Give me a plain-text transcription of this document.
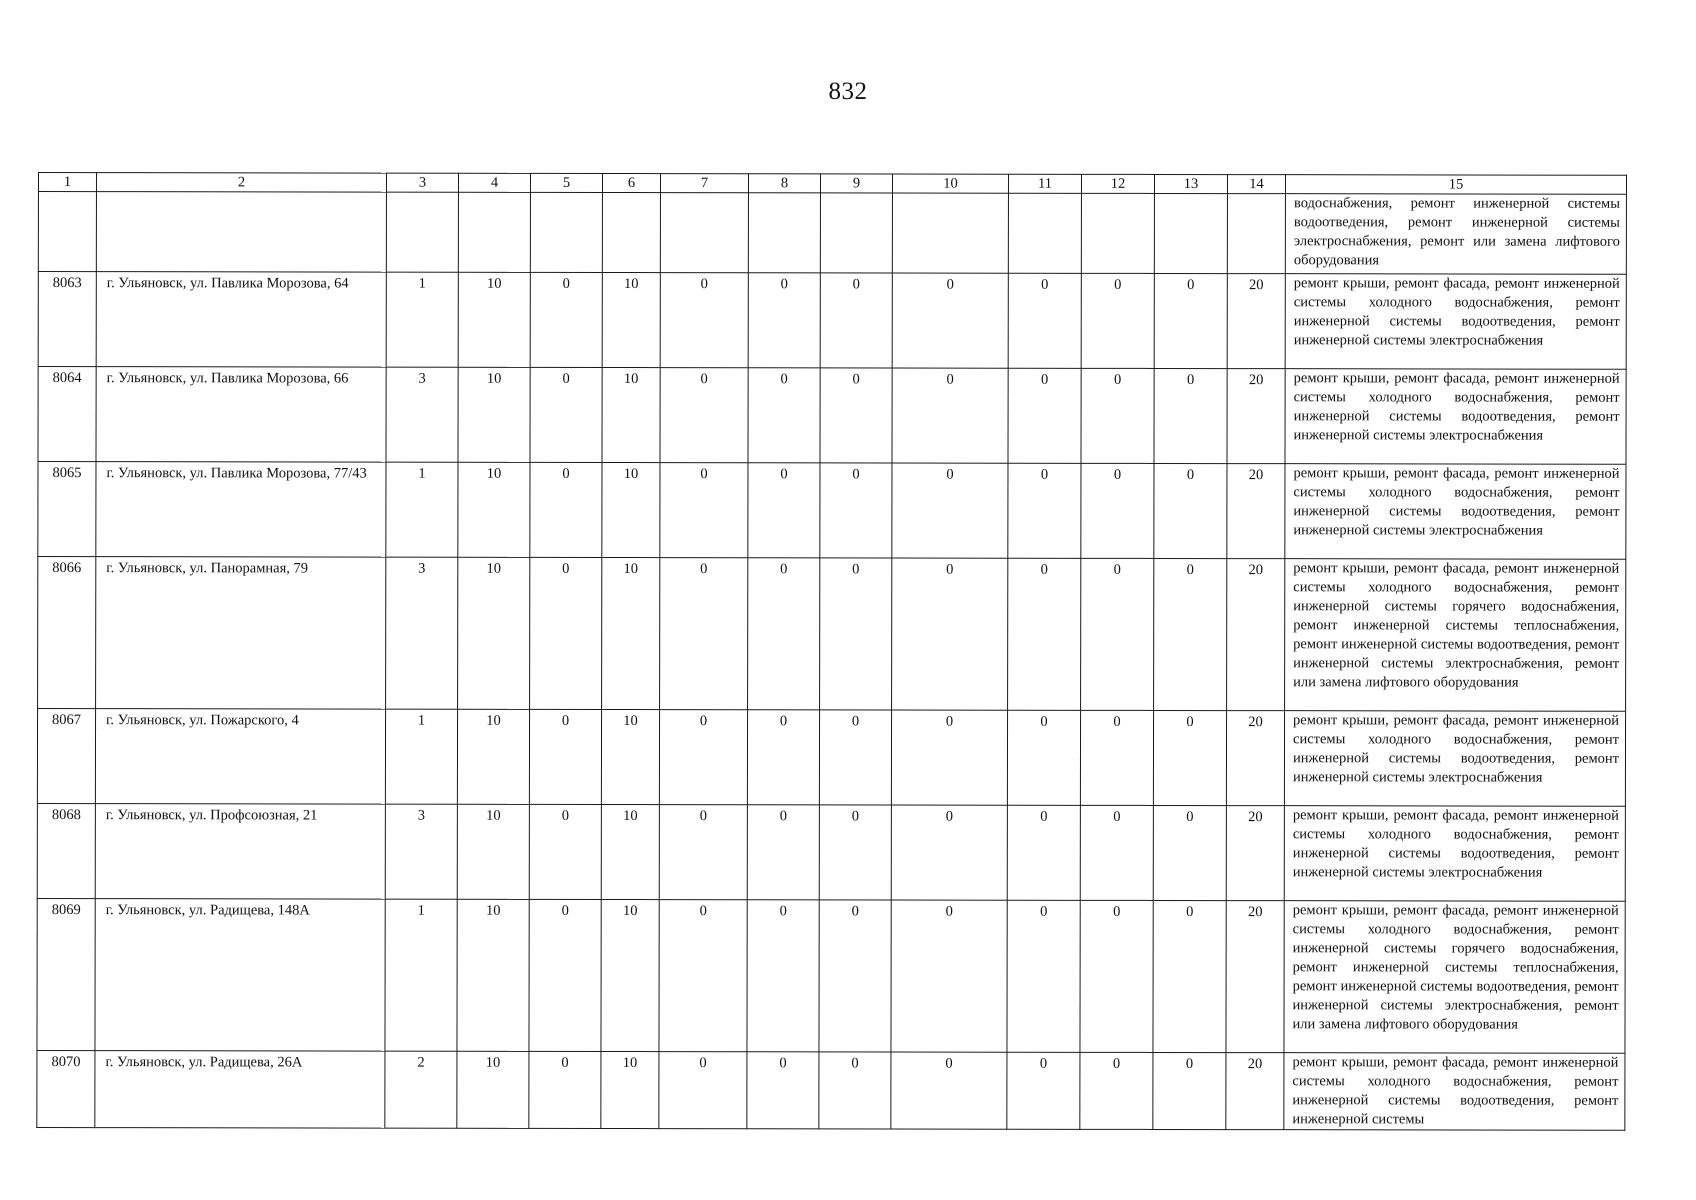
832
1	2	3	4	5	6	7	8	9	10	11	12	13	14	15
														водоснабжения, ремонт инженерной системы водоотведения, ремонт инженерной системы электроснабжения, ремонт или замена лифтового оборудования
8063	г. Ульяновск, ул. Павлика Морозова, 64	1	10	0	10	0	0	0	0	0	0	0	20	ремонт крыши, ремонт фасада, ремонт инженерной системы холодного водоснабжения, ремонт инженерной системы водоотведения, ремонт инженерной системы электроснабжения
8064	г. Ульяновск, ул. Павлика Морозова, 66	3	10	0	10	0	0	0	0	0	0	0	20	ремонт крыши, ремонт фасада, ремонт инженерной системы холодного водоснабжения, ремонт инженерной системы водоотведения, ремонт инженерной системы электроснабжения
8065	г. Ульяновск, ул. Павлика Морозова, 77/43	1	10	0	10	0	0	0	0	0	0	0	20	ремонт крыши, ремонт фасада, ремонт инженерной системы холодного водоснабжения, ремонт инженерной системы водоотведения, ремонт инженерной системы электроснабжения
8066	г. Ульяновск, ул. Панорамная, 79	3	10	0	10	0	0	0	0	0	0	0	20	ремонт крыши, ремонт фасада, ремонт инженерной системы холодного водоснабжения, ремонт инженерной системы горячего водоснабжения, ремонт инженерной системы теплоснабжения, ремонт инженерной системы водоотведения, ремонт инженерной системы электроснабжения, ремонт или замена лифтового оборудования
8067	г. Ульяновск, ул. Пожарского, 4	1	10	0	10	0	0	0	0	0	0	0	20	ремонт крыши, ремонт фасада, ремонт инженерной системы холодного водоснабжения, ремонт инженерной системы водоотведения, ремонт инженерной системы электроснабжения
8068	г. Ульяновск, ул. Профсоюзная, 21	3	10	0	10	0	0	0	0	0	0	0	20	ремонт крыши, ремонт фасада, ремонт инженерной системы холодного водоснабжения, ремонт инженерной системы водоотведения, ремонт инженерной системы электроснабжения
8069	г. Ульяновск, ул. Радищева, 148А	1	10	0	10	0	0	0	0	0	0	0	20	ремонт крыши, ремонт фасада, ремонт инженерной системы холодного водоснабжения, ремонт инженерной системы горячего водоснабжения, ремонт инженерной системы теплоснабжения, ремонт инженерной системы водоотведения, ремонт инженерной системы электроснабжения, ремонт или замена лифтового оборудования
8070	г. Ульяновск, ул. Радищева, 26А	2	10	0	10	0	0	0	0	0	0	0	20	ремонт крыши, ремонт фасада, ремонт инженерной системы холодного водоснабжения, ремонт инженерной системы водоотведения, ремонт инженерной системы
